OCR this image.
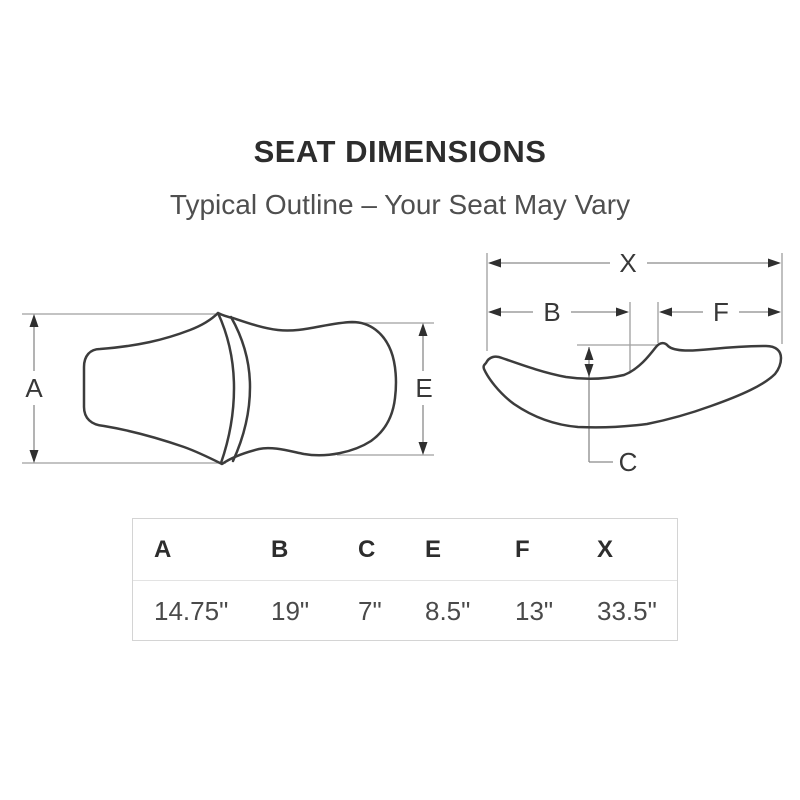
SEAT DIMENSIONS
Typical Outline – Your Seat May Vary
A	E
X
B	F
C
A	B	C	E	F	X
14.75"	19"	7"	8.5"	13"	33.5"
